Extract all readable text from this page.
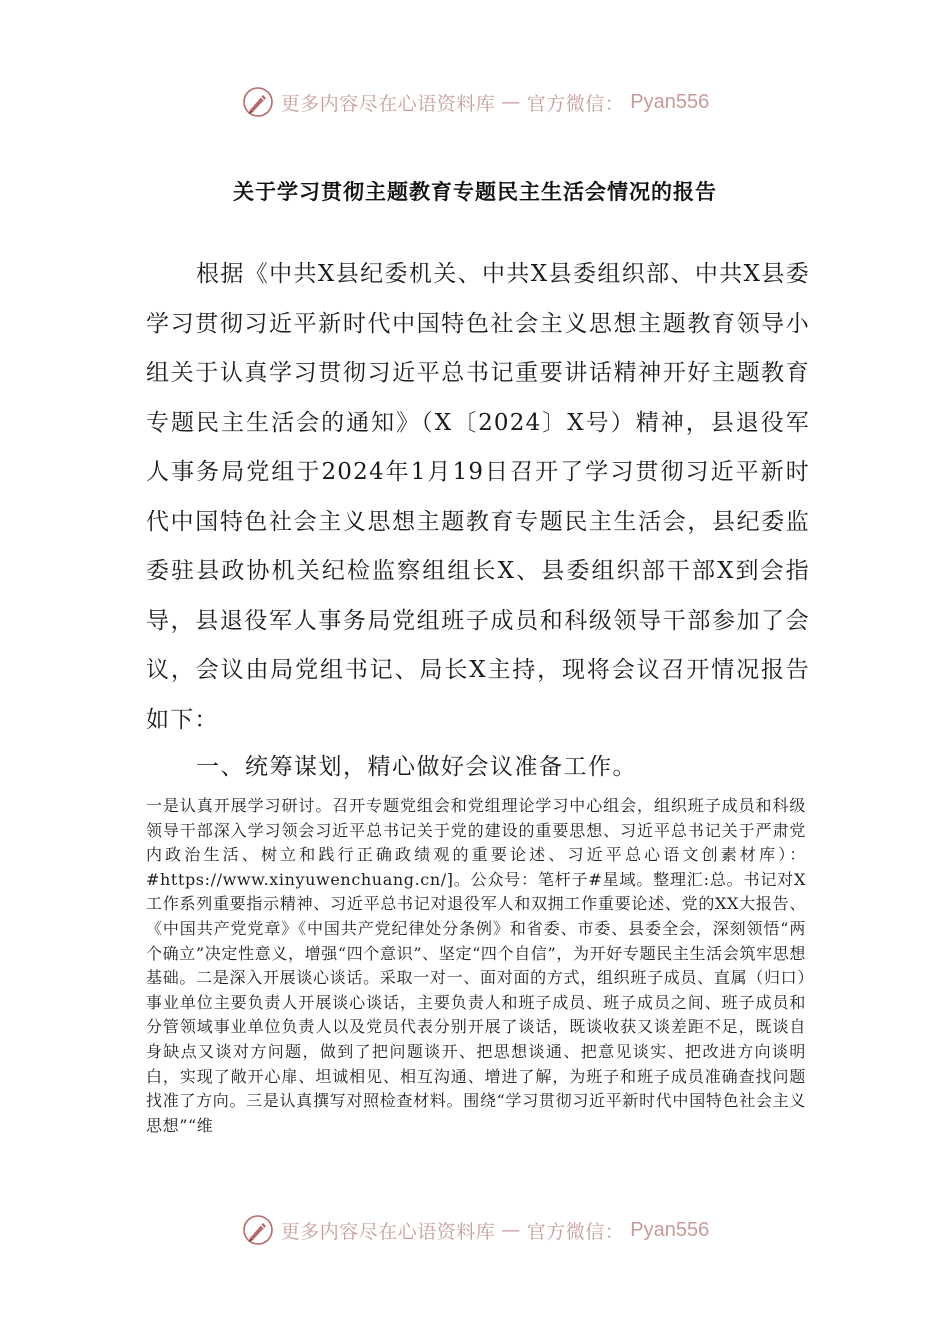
更多内容尽在心语资料库 — 官方微信： Pyan556
关于学习贯彻主题教育专题民主生活会情况的报告

根据《中共X县纪委机关、中共X县委组织部、中共X县委学习贯彻习近平新时代中国特色社会主义思想主题教育领导小组关于认真学习贯彻习近平总书记重要讲话精神开好主题教育专题民主生活会的通知》（X〔2024〕X号）精神，县退役军人事务局党组于2024年1月19日召开了学习贯彻习近平新时代中国特色社会主义思想主题教育专题民主生活会，县纪委监委驻县政协机关纪检监察组组长X、县委组织部干部X到会指导，县退役军人事务局党组班子成员和科级领导干部参加了会议，会议由局党组书记、局长X主持，现将会议召开情况报告如下：

一、统筹谋划，精心做好会议准备工作。

一是认真开展学习研讨。召开专题党组会和党组理论学习中心组会，组织班子成员和科级领导干部深入学习领会习近平总书记关于党的建设的重要思想、习近平总书记关于严肃党内政治生活、树立和践行正确政绩观的重要论述、习近平总心语文创素材库）：#https://www.xinyuwenchuang.cn/]。公众号：笔杆子#星域。整理汇:总。书记对X工作系列重要指示精神、习近平总书记对退役军人和双拥工作重要论述、党的XX大报告、《中国共产党党章》《中国共产党纪律处分条例》和省委、市委、县委全会，深刻领悟“两个确立”决定性意义，增强“四个意识”、坚定“四个自信”，为开好专题民主生活会筑牢思想基础。二是深入开展谈心谈话。采取一对一、面对面的方式，组织班子成员、直属（归口）事业单位主要负责人开展谈心谈话，主要负责人和班子成员、班子成员之间、班子成员和分管领域事业单位负责人以及党员代表分别开展了谈话，既谈收获又谈差距不足，既谈自身缺点又谈对方问题，做到了把问题谈开、把思想谈通、把意见谈实、把改进方向谈明白，实现了敞开心扉、坦诚相见、相互沟通、增进了解，为班子和班子成员准确查找问题找准了方向。三是认真撰写对照检查材料。围绕“学习贯彻习近平新时代中国特色社会主义思想”“维

更多内容尽在心语资料库 — 官方微信： Pyan556
